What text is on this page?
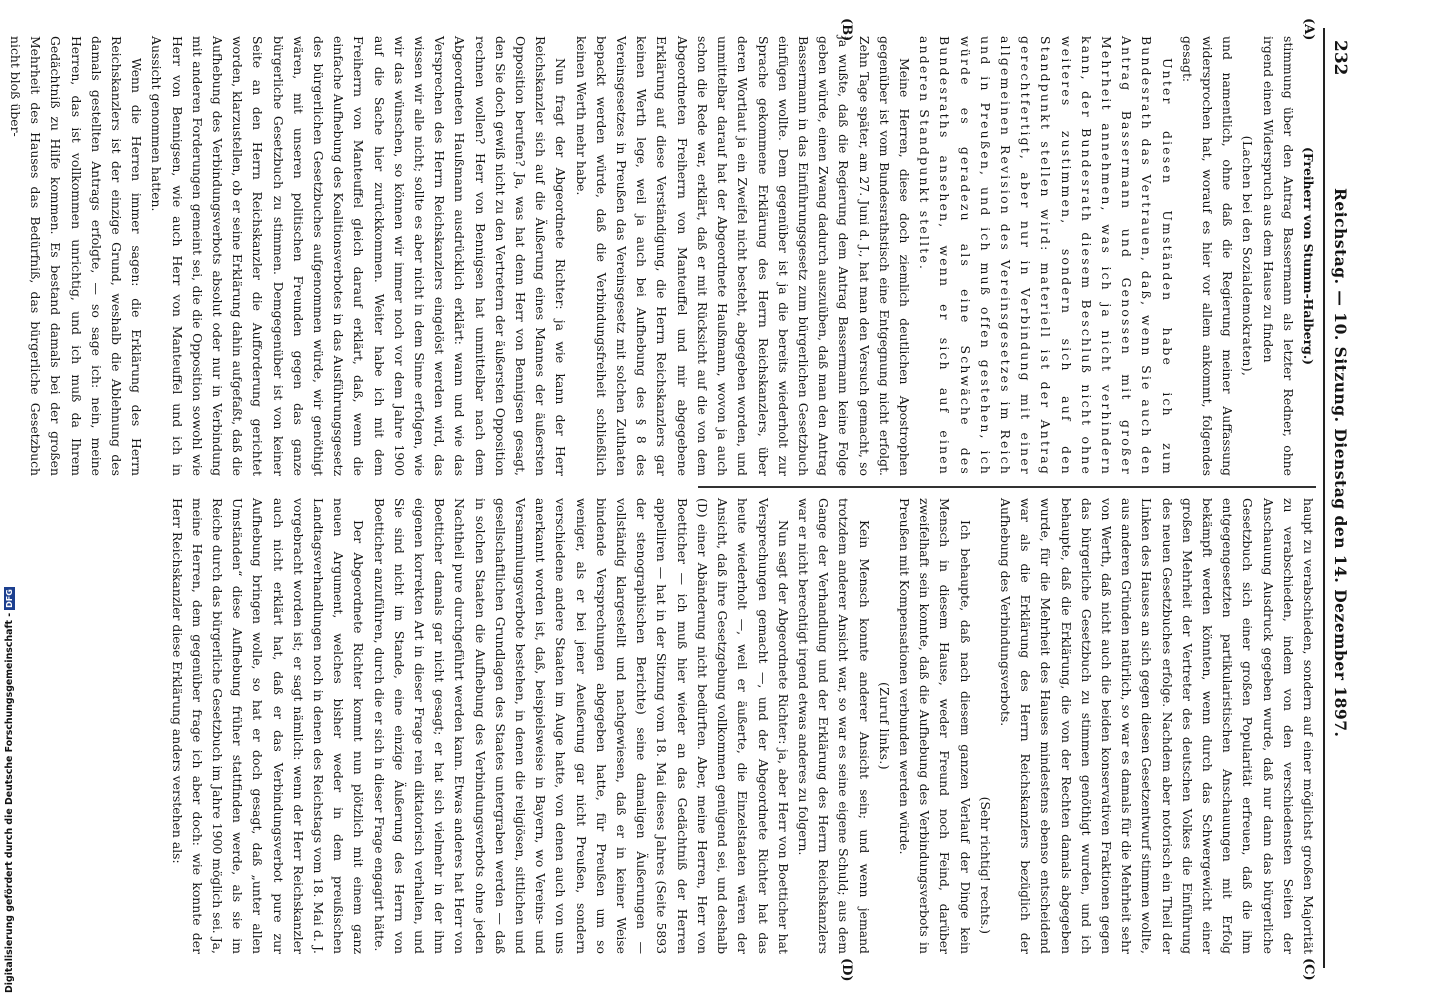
232
Reichstag. — 10. Sitzung. Dienstag den 14. Dezember 1897.
(A)
(B)
(C)
(D)

(Freiherr von Stumm-Halberg.)

stimmung über den Antrag Bassermann als letzter Redner, ohne irgend einen Widerspruch aus dem Hause zu finden

(Lachen bei den Sozialdemokraten),

und namentlich, ohne daß die Regierung meiner Auffassung widersprochen hat, worauf es hier vor allem ankommt, folgendes gesagt:

Unter diesen Umständen habe ich zum Bundesrath das Vertrauen, daß, wenn Sie auch den Antrag Bassermann und Genossen mit großer Mehrheit annehmen, was ich ja nicht verhindern kann, der Bundesrath diesem Beschluß nicht ohne weiteres zustimmen, sondern sich auf den Standpunkt stellen wird: materiell ist der Antrag gerechtfertigt, aber nur in Verbindung mit einer allgemeinen Revision des Vereinsgesetzes im Reich und in Preußen, und ich muß offen gestehen, ich würde es geradezu als eine Schwäche des Bundesraths ansehen, wenn er sich auf einen anderen Standpunkt stellte.

Meine Herren, diese doch ziemlich deutlichen Apostrophen gegenüber ist vom Bundesrathstisch eine Entgegnung nicht erfolgt. Zehn Tage später, am 27. Juni d. J., hat man den Versuch gemacht, so ja wußte, daß die Regierung dem Antrag Bassermann keine Folge geben würde, einen Zwang dadurch auszuüben, daß man den Antrag Bassermann in das Einführungsgesetz zum bürgerlichen Gesetzbuch einfügen wollte. Dem gegenüber ist ja die bereits wiederholt zur Sprache gekommene Erklärung des Herrn Reichskanzlers, über deren Wortlaut ja ein Zweifel nicht besteht, abgegeben worden, und unmittelbar darauf hat der Abgeordnete Haußmann, wovon ja auch schon die Rede war, erklärt, daß er mit Rücksicht auf die von dem Abgeordneten Freiherrn von Manteuffel und mir abgegebene Erklärung auf diese Verständigung, die Herrn Reichskanzlers gar keinen Werth lege, weil ja auch bei Aufhebung des § 8 des Vereinsgesetzes in Preußen das Vereinsgesetz mit solchen Zuthaten bepackt werden würde, daß die Verbindungsfreiheit schließlich keinen Werth mehr habe.

Nun fragt der Abgeordnete Richter: ja wie kann der Herr Reichskanzler sich auf die Äußerung eines Mannes der äußersten Opposition berufen? Ja, was hat denn Herr von Bennigsen gesagt, den Sie doch gewiß nicht zu den Vertretern der äußersten Opposition rechnen wollen? Herr von Bennigsen hat unmittelbar nach dem Abgeordneten Haußmann ausdrücklich erklärt: wann und wie das Versprechen des Herrn Reichskanzlers eingelöst werden wird, das wissen wir alle nicht; sollte es aber nicht in dem Sinne erfolgen, wie wir das wünschen, so können wir immer noch vor dem Jahre 1900 auf die Sache hier zurückkommen. Weiter habe ich mit dem Freiherrn von Manteuffel gleich darauf erklärt, daß, wenn die einfache Aufhebung des Koalitionsverbotes in das Ausführungsgesetz des bürgerlichen Gesetzbuches aufgenommen würde, wir genöthigt wären, mit unseren politischen Freunden gegen das ganze bürgerliche Gesetzbuch zu stimmen. Demgegenüber ist von keiner Seite an den Herrn Reichskanzler die Aufforderung gerichtet worden, klarzustellen, ob er seine Erklärung dahin aufgefaßt, daß die Aufhebung des Verbindungsverbots absolut oder nur in Verbindung mit anderen Forderungen gemeint sei, die die Opposition sowohl wie Herr von Bennigsen, wie auch Herr von Manteuffel und ich in Aussicht genommen hatten.

Wenn die Herren immer sagen: die Erklärung des Herrn Reichskanzlers ist der einzige Grund, weshalb die Ablehnung des damals gestellten Antrags erfolgte, — so sage ich: nein, meine Herren, das ist vollkommen unrichtig, und ich muß da Ihrem Gedächtniß zu Hilfe kommen. Es bestand damals bei der großen Mehrheit des Hauses das Bedürfniß, das bürgerliche Gesetzbuch nicht bloß über-

haupt zu verabschieden, sondern auf einer möglichst großen Majorität zu verabschieden, indem von den verschiedensten Seiten der Anschauung Ausdruck gegeben wurde, daß nur dann das bürgerliche Gesetzbuch sich einer großen Popularität erfreuen, daß die ihm entgegengesetzten partikularistischen Anschauungen mit Erfolg bekämpft werden könnten, wenn durch das Schwergewicht einer großen Mehrheit der Vertreter des deutschen Volkes die Einführung des neuen Gesetzbuches erfolge. Nachdem aber notorisch ein Theil der Linken des Hauses an sich gegen diesen Gesetzentwurf stimmen wollte, aus anderen Gründen natürlich, so war es damals für die Mehrheit sehr von Werth, daß nicht auch die beiden konservativen Fraktionen gegen das bürgerliche Gesetzbuch zu stimmen genöthigt wurden, und ich behaupte, daß die Erklärung, die von der Rechten damals abgegeben wurde, für die Mehrheit des Hauses mindestens ebenso entscheidend war als die Erklärung des Herrn Reichskanzlers bezüglich der Aufhebung des Verbindungsverbots.

(Sehr richtig! rechts.)

Ich behaupte, daß nach diesem ganzen Verlauf der Dinge kein Mensch in diesem Hause, weder Freund noch Feind, darüber zweifelhaft sein konnte, daß die Aufhebung des Verbindungsverbots in Preußen mit Kompensationen verbunden werden würde.

(Zuruf links.)

Kein Mensch konnte anderer Ansicht sein; und wenn jemand trotzdem anderer Ansicht war, so war es seine eigene Schuld; aus dem Gange der Verhandlung und der Erklärung des Herrn Reichskanzlers war er nicht berechtigt irgend etwas anderes zu folgern.

Nun sagt der Abgeordnete Richter: ja, aber Herr von Boetticher hat Versprechungen gemacht —, und der Abgeordnete Richter hat das heute wiederholt —, weil er äußerte, die Einzelstaaten wären der Ansicht, daß ihre Gesetzgebung vollkommen genügend sei, und deshalb (D) einer Abänderung nicht bedürften. Aber, meine Herren, Herr von Boetticher — ich muß hier wieder an das Gedächtniß der Herren appelliren — hat in der Sitzung vom 18. Mai dieses Jahres (Seite 5893 der stenographischen Berichte) seine damaligen Äußerungen — vollständig klargestellt und nachgewiesen, daß er in keiner Weise bindende Versprechungen abgegeben hatte, für Preußen um so weniger, als er bei jener Aeußerung gar nicht Preußen, sondern verschiedene andere Staaten im Auge hatte, von denen auch von uns anerkannt worden ist, daß, beispielsweise in Bayern, wo Vereins- und Versammlungsverbote bestehen, in denen die religiösen, sittlichen und gesellschaftlichen Grundlagen des Staates untergraben werden — daß in solchen Staaten die Aufhebung des Verbindungsverbots ohne jeden Nachtheil pure durchgeführt werden kann. Etwas anderes hat Herr von Boetticher damals gar nicht gesagt; er hat sich vielmehr in der ihm eigenen korrekten Art in dieser Frage rein diktatorisch verhalten, und Sie sind nicht im Stande, eine einzige Äußerung des Herrn von Boetticher anzuführen, durch die er sich in dieser Frage engagirt hätte.

Der Abgeordnete Richter kommt nun plötzlich mit einem ganz neuen Argument, welches bisher weder in dem preußischen Landtagsverhandlungen noch in denen des Reichstags vom 18. Mai d. J. vorgebracht worden ist; er sagt nämlich: wenn der Herr Reichskanzler auch nicht erklärt hat, daß er das Verbindungsverbot pure zur Aufhebung bringen wolle, so hat er doch gesagt, daß „unter allen Umständen“ diese Aufhebung früher stattfinden werde, als sie im Reiche durch das bürgerliche Gesetzbuch im Jahre 1900 möglich sei. Ja, meine Herren, dem gegenüber frage ich aber doch: wie konnte der Herr Reichskanzler diese Erklärung anders verstehen als:

Digitalisierung gefördert durch die Deutsche Forschungsgemeinschaft -DFG
